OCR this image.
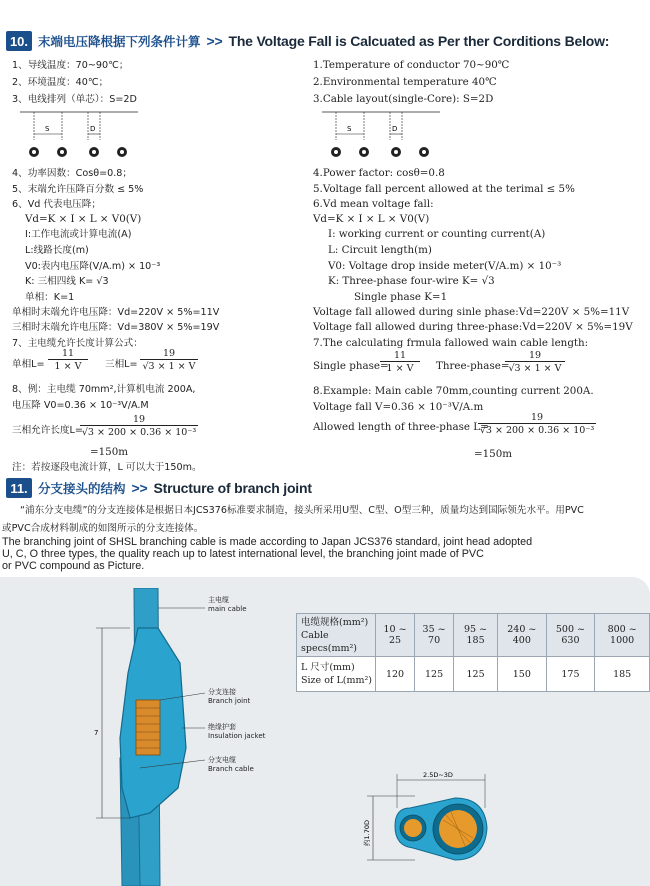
10. 末端电压降根据下列条件计算 >> The Voltage Fall is Calcuated as Per ther Corditions Below:
1、导线温度：70~90℃；
2、环境温度：40℃；
3、电线排列（单芯）：S=2D
S	D
4、功率因数：Cosθ=0.8；
5、末端允许压降百分数 ≤ 5%
6、Vd 代表电压降；
Vd=K × I × L × V0(V)
I:工作电流或计算电流(A)
L:线路长度(m)
V0:表内电压降(V/A.m) × 10⁻³
K: 三相四线 K= √3
单相：K=1
单相时末端允许电压降：Vd=220V × 5%=11V
三相时末端允许电压降：Vd=380V × 5%=19V
7、主电缆允许长度计算公式：
单相$L= \frac{11}{1 \times V}$ 三相$L= \frac{19}{√3 \times 1 \times V}$
8、例：主电缆 70mm²,计算机电流 200A,
电压降 V0=0.36 × 10⁻³V/A.M
三相允许长度L=
$\frac{19}{\text{√3 × 200 × 0.36 × 10⁻³}}$
=150m
注：若按逐段电流计算，L 可以大于150m。
1.Temperature of conductor 70~90℃
2.Environmental temperature 40℃
3.Cable layout(single-Core): S=2D
S	D
4.Power factor: cosθ=0.8
5.Voltage fall percent allowed at the terimal ≤ 5%
6.Vd mean voltage fall:
Vd=K × I × L × V0(V)
I: working current or counting current(A)
L: Circuit length(m)
V0: Voltage drop inside meter(V/A.m) × 10⁻³
K: Three-phase four-wire K= √3
Single phase K=1
Voltage fall allowed during sinle phase:Vd=220V × 5%=11V
Voltage fall allowed during three-phase:Vd=220V × 5%=19V
7.The calculating frmula fallowed wain cable length:
Single phase=
$\frac{11}{1 \times V}$ Three-phase=
$\frac{19}{√3 \times 1 \times V}$
8.Example: Main cable 70mm,counting current 200A.
Voltage fall V=0.36 × 10⁻³V/A.m
Allowed length of three-phase L=
$\frac{19}{\text{√3 × 200 × 0.36 × 10⁻³}}$
=150m
11. 分支接头的结构 >> Structure of branch joint
“浦东分支电缆”的分支连接体是根据日本JCS376标准要求制造，接头所采用U型、C型、O型三种，质量均达到国际领先水平。用PVC
或PVC合成材料制成的如图所示的分支连接体。
The branching joint of SHSL branching cable is made according to Japan JCS376 standard, joint head adopted
U, C, O three types, the quality reach up to latest international level, the branching joint made of PVC
or PVC compound as Picture.
7
主电缆
main cable
分支连接
Branch joint
绝缘护套
Insulation jacket
分支电缆
Branch cable
电缆规格(mm²)
Cable specs(mm²)	10 ~ 25	35 ~ 70	95 ~ 185	240 ~ 400	500 ~ 630	800 ~ 1000

L 尺寸(mm)
Size of L(mm²)	120	125	125	150	175	185
2.5D~3D
约1.70D
